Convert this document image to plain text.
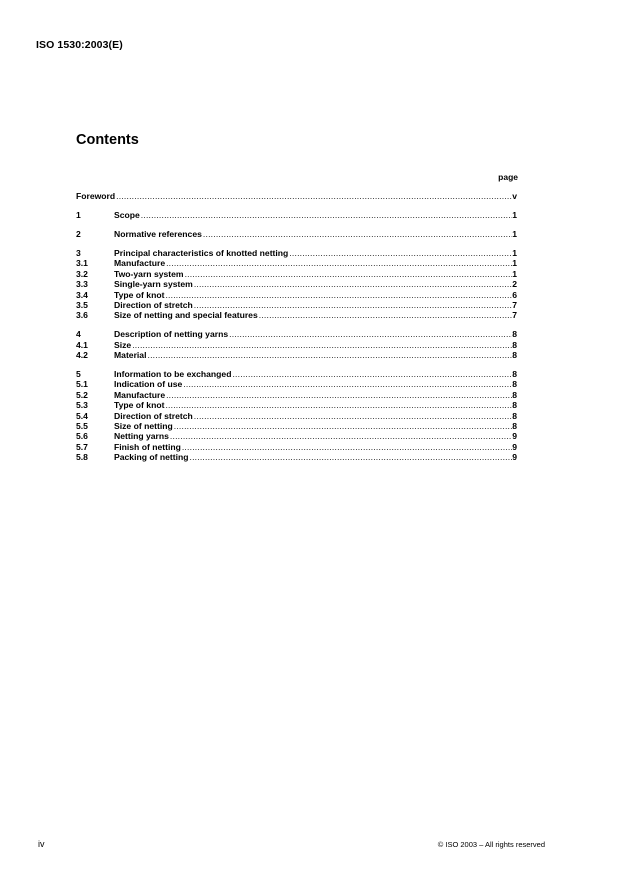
ISO 1530:2003(E)
Contents
page
Foreword .....	v
1	Scope .....	1
2	Normative references .....	1
3	Principal characteristics of knotted netting .....	1
3.1	Manufacture .....	1
3.2	Two-yarn system .....	1
3.3	Single-yarn system .....	2
3.4	Type of knot .....	6
3.5	Direction of stretch .....	7
3.6	Size of netting and special features .....	7
4	Description of netting yarns .....	8
4.1	Size .....	8
4.2	Material .....	8
5	Information to be exchanged .....	8
5.1	Indication of use .....	8
5.2	Manufacture .....	8
5.3	Type of knot .....	8
5.4	Direction of stretch .....	8
5.5	Size of netting .....	8
5.6	Netting yarns .....	9
5.7	Finish of netting .....	9
5.8	Packing of netting .....	9
iv	© ISO 2003 – All rights reserved
